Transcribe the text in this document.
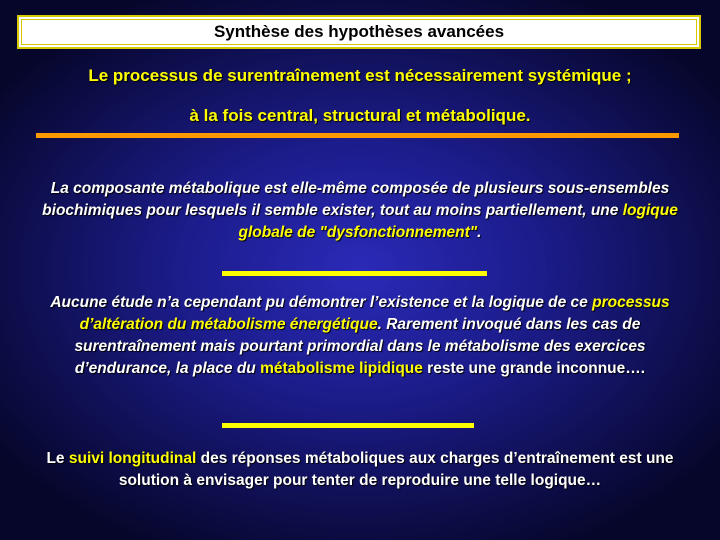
Synthèse des hypothèses avancées
Le processus de surentraînement est nécessairement systémique ;
à la fois central, structural et métabolique.
La composante métabolique est elle-même composée de plusieurs sous-ensembles biochimiques pour lesquels il semble exister, tout au moins partiellement, une logique globale de "dysfonctionnement".
Aucune étude n’a cependant pu démontrer l’existence et la logique de ce processus d’altération du métabolisme énergétique. Rarement invoqué dans les cas de surentraînement mais pourtant primordial dans le métabolisme des exercices d’endurance, la place du métabolisme lipidique reste une grande inconnue….
Le suivi longitudinal des réponses métaboliques aux charges d’entraînement est une solution à envisager pour tenter de reproduire une telle logique…
